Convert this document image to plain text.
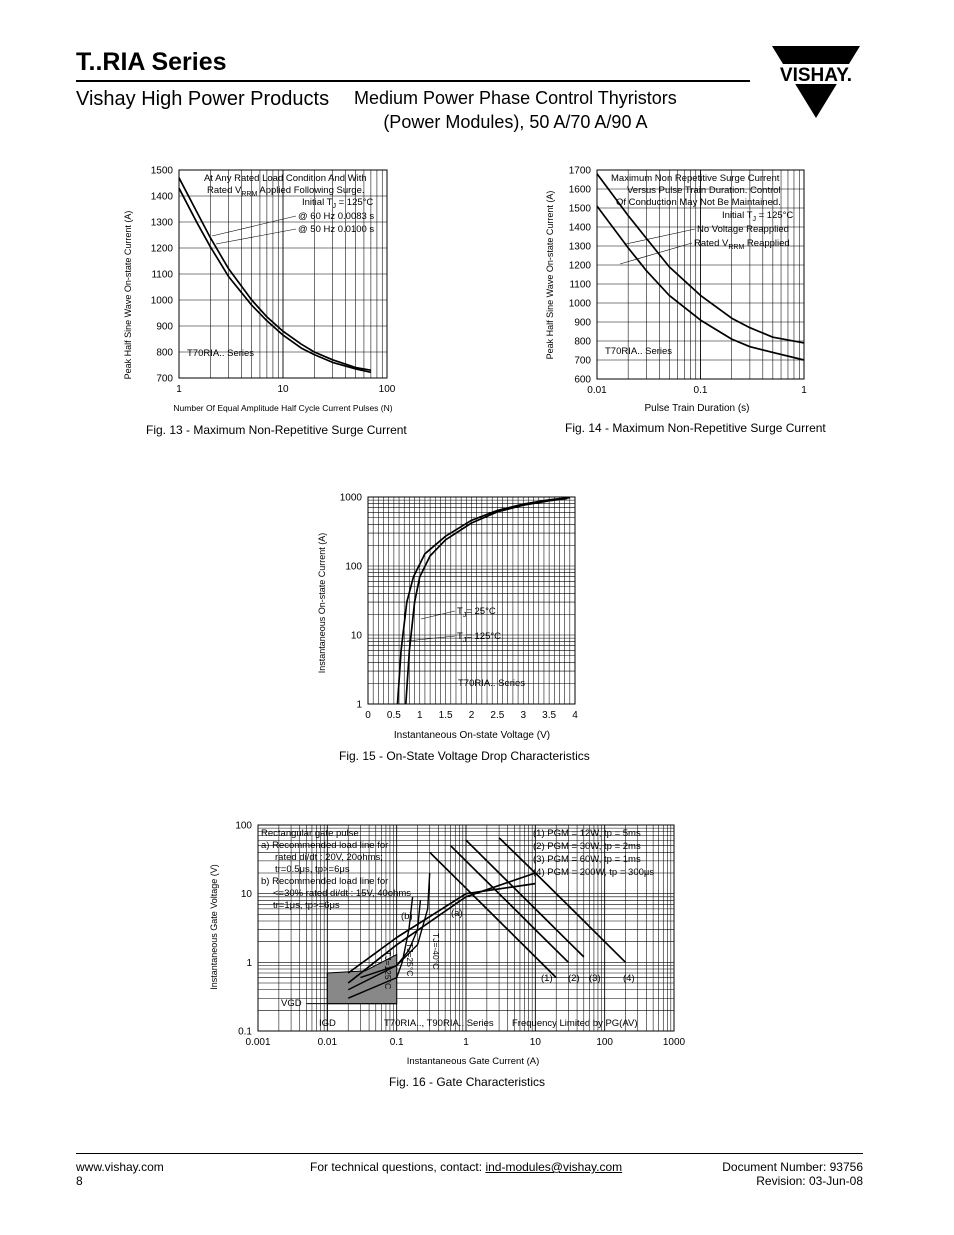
T..RIA Series
Vishay High Power Products Medium Power Phase Control Thyristors
(Power Modules), 50 A/70 A/90 A
VISHAY.
1	10	100
700
800
900
1000
1100
1200
1300
1400
1500
Peak Half Sine Wave On-state Current (A)
Number Of Equal Amplitude Half Cycle Current Pulses (N)
At Any Rated Load Condition And With
Rated $V_{RRM}$ Applied Following Surge.
Initial $T_J = 125^\circ C$
@ 60 Hz 0.0083 s
@ 50 Hz 0.0100 s
T70RIA.. Series
Fig. 13 - Maximum Non-Repetitive Surge Current
0.01	0.1	1
600
700
800
900
1000
1100
1200
1300
1400
1500
1600
1700
Peak Half Sine Wave On-state Current (A)
Pulse Train Duration (s)
Maximum Non Repetitive Surge Current
Versus Pulse Train Duration. Control
Of Conduction May Not Be Maintained.
Initial $T_J = 125^\circ C$
No Voltage Reapplied
Rated $V_{RRM}$ Reapplied
T70RIA.. Series
Fig. 14 - Maximum Non-Repetitive Surge Current
0 0.5 1 1.5 2 2.5 3 3.5 4
1
10
100
1000
Instantaneous On-state Current (A)
Instantaneous On-state Voltage (V)
$T_J= 25^\circ C$
$T_J= 125^\circ C$
T70RIA.. Series
Fig. 15 - On-State Voltage Drop Characteristics
0.001	0.01	0.1	1	10	100	1000
0.1
1
10
100
Instantaneous Gate Voltage (V)
Instantaneous Gate Current (A)
Rectangular gate pulse
a) Recommended load line for
rated di/dt : 20V, 20ohms;
tr=0.5μs, tp>=6μs
b) Recommended load line for
<=30% rated di/dt : 15V, 40ohms
tr=1μs, tp>=6μs
(1) PGM = 12W, tp = 5ms
(2) PGM = 30W, tp = 2ms
(3) PGM = 60W, tp = 1ms
(4) PGM = 200W, tp = 300μs
(a)
(b)
(1) (2) (3) (4)
VGD
IGD	T70RIA.., T90RIA.. Series Frequency Limited by PG(AV)
TJ=-40°C
TJ=25°C
TJ=125°C
Fig. 16 - Gate Characteristics
www.vishay.com
8
For technical questions, contact: ind-modules@vishay.com	Document Number: 93756
Revision: 03-Jun-08
